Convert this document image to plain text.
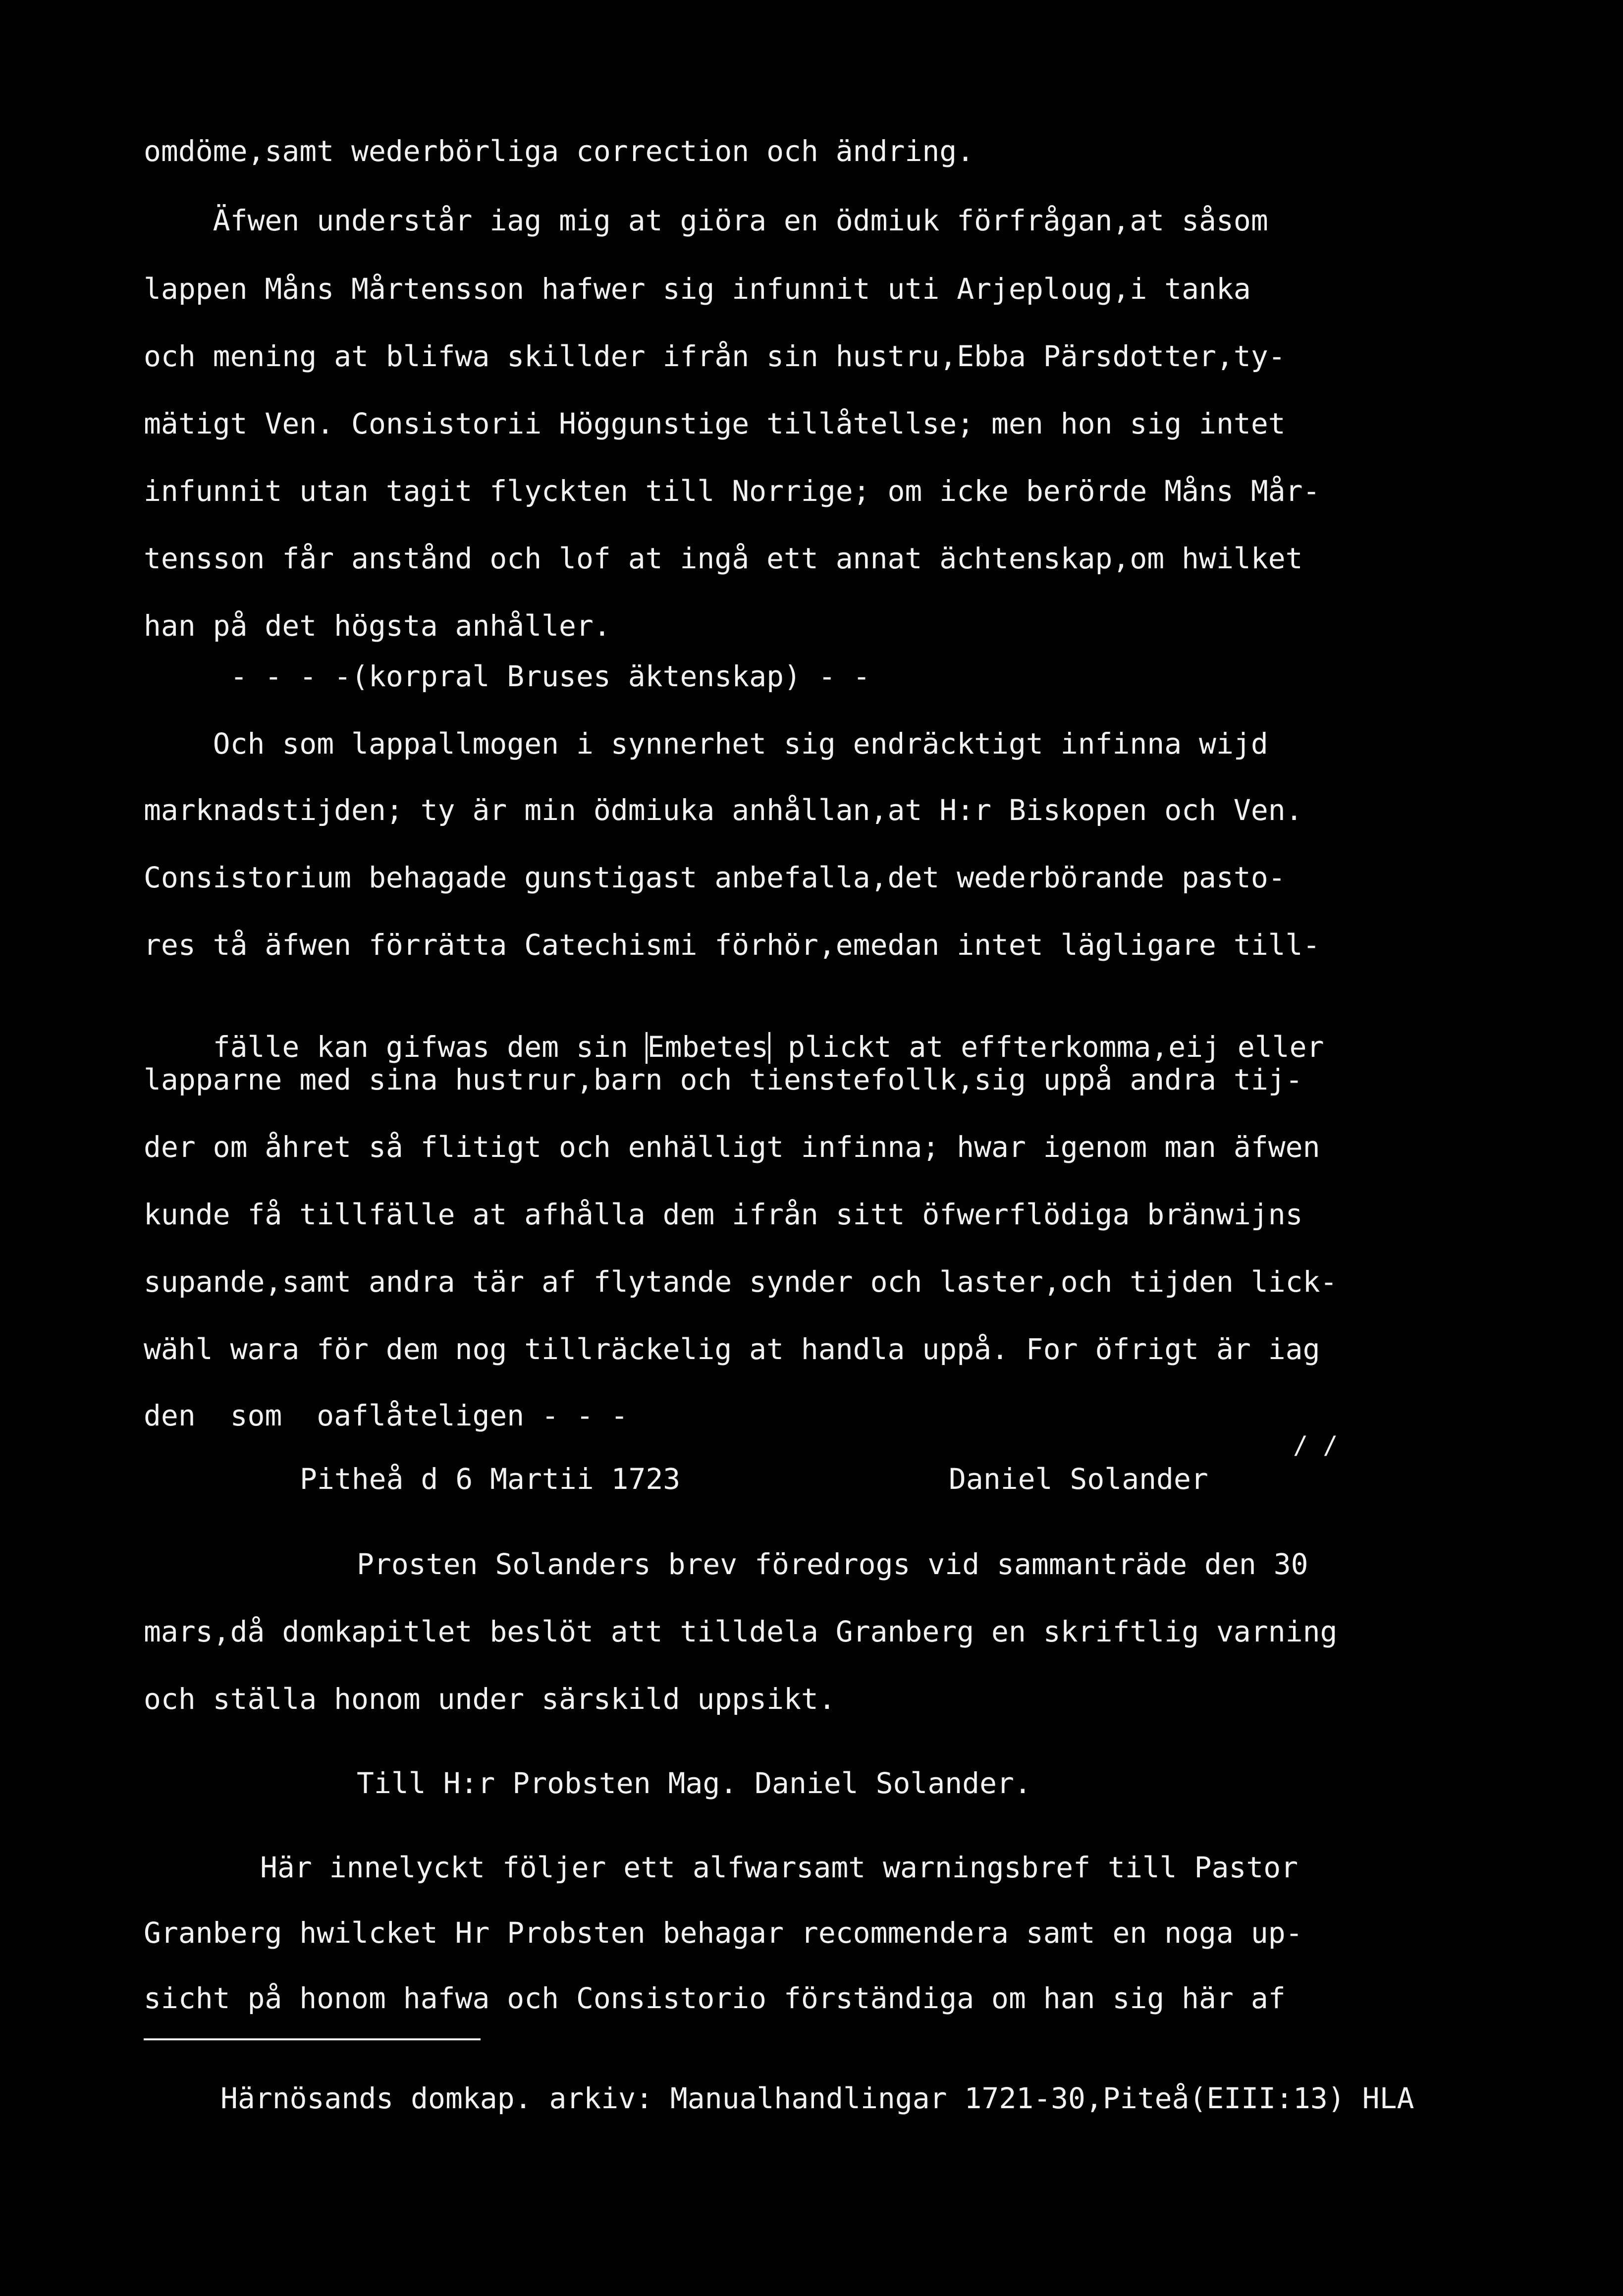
omdöme,samt wederbörliga correction och ändring.
Äfwen understår iag mig at giöra en ödmiuk förfrågan,at såsom
lappen Måns Mårtensson hafwer sig infunnit uti Arjeploug,i tanka
och mening at blifwa skillder ifrån sin hustru,Ebba Pärsdotter,ty-
mätigt Ven. Consistorii Höggunstige tillåtellse; men hon sig intet
infunnit utan tagit flyckten till Norrige; om icke berörde Måns Mår-
tensson får anstånd och lof at ingå ett annat ächtenskap,om hwilket
han på det högsta anhåller.
- - - -(korpral Bruses äktenskap) - -
Och som lappallmogen i synnerhet sig endräcktigt infinna wijd
marknadstijden; ty är min ödmiuka anhållan,at H:r Biskopen och Ven.
Consistorium behagade gunstigast anbefalla,det wederbörande pasto-
res tå äfwen förrätta Catechismi förhör,emedan intet lägligare till-

fälle kan gifwas dem sin Embetes plickt at effterkomma,eij eller

lapparne med sina hustrur,barn och tienstefollk,sig uppå andra tij-
der om åhret så flitigt och enhälligt infinna; hwar igenom man äfwen
kunde få tillfälle at afhålla dem ifrån sitt öfwerflödiga bränwijns
supande,samt andra tär af flytande synder och laster,och tijden lick-
wähl wara för dem nog tillräckelig at handla uppå. For öfrigt är iag
den  som  oaflåteligen - - -
/ /
Pitheå d 6 Martii 1723	Daniel Solander
Prosten Solanders brev föredrogs vid sammanträde den 30
mars,då domkapitlet beslöt att tilldela Granberg en skriftlig varning
och ställa honom under särskild uppsikt.
Till H:r Probsten Mag. Daniel Solander.
Här innelyckt följer ett alfwarsamt warningsbref till Pastor
Granberg hwilcket Hr Probsten behagar recommendera samt en noga up-
sicht på honom hafwa och Consistorio förständiga om han sig här af
Härnösands domkap. arkiv: Manualhandlingar 1721-30,Piteå(EIII:13) HLA
